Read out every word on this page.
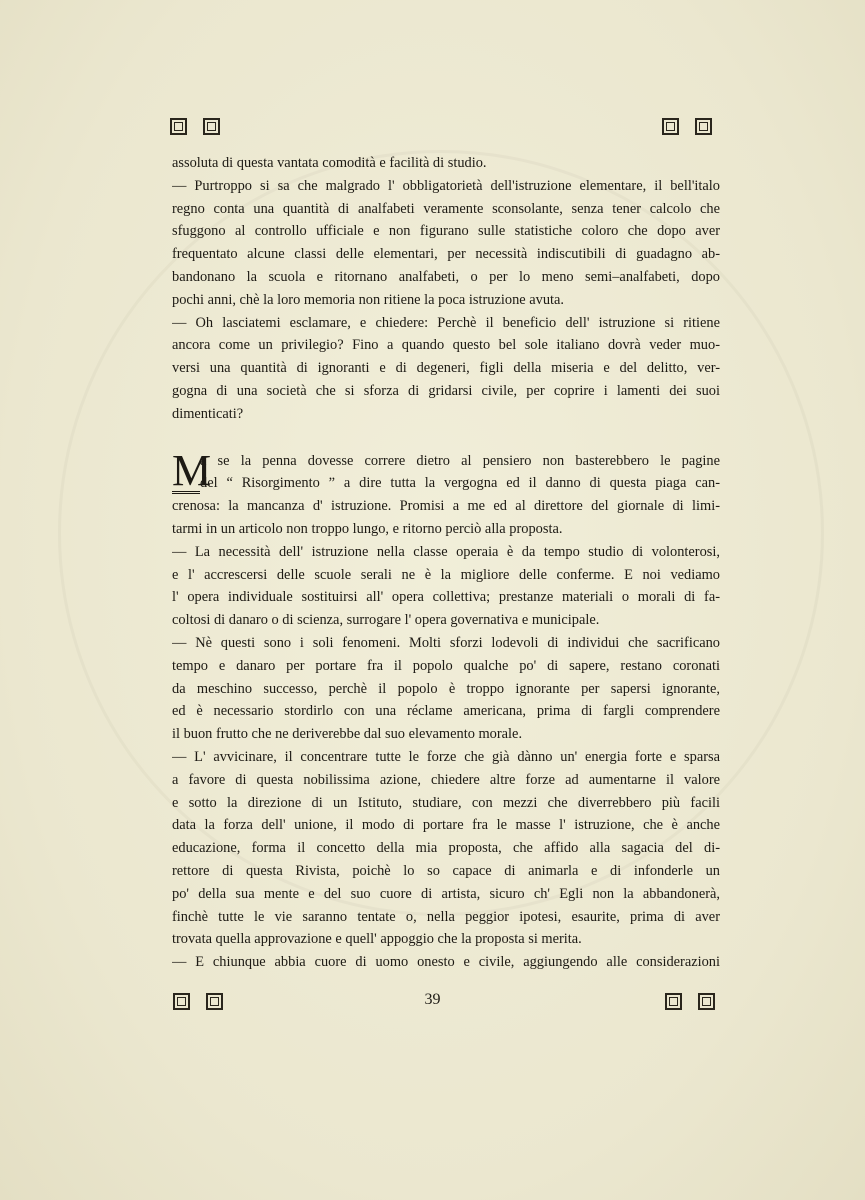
assoluta di questa vantata comodità e facilità di studio.
— Purtroppo si sa che malgrado l' obbligatorietà dell'istruzione elementare, il bell'italo
regno conta una quantità di analfabeti veramente sconsolante, senza tener calcolo che
sfuggono al controllo ufficiale e non figurano sulle statistiche coloro che dopo aver
frequentato alcune classi delle elementari, per necessità indiscutibili di guadagno ab-
bandonano la scuola e ritornano analfabeti, o per lo meno semi–analfabeti, dopo
pochi anni, chè la loro memoria non ritiene la poca istruzione avuta.
— Oh lasciatemi esclamare, e chiedere: Perchè il beneficio dell' istruzione si ritiene
ancora come un privilegio? Fino a quando questo bel sole italiano dovrà veder muo-
versi una quantità di ignoranti e di degeneri, figli della miseria e del delitto, ver-
gogna di una società che si sforza di gridarsi civile, per coprire i lamenti dei suoi
dimenticati?
M
a se la penna dovesse correre dietro al pensiero non basterebbero le pagine
del “ Risorgimento ” a dire tutta la vergogna ed il danno di questa piaga can-
crenosa: la mancanza d' istruzione. Promisi a me ed al direttore del giornale di limi-
tarmi in un articolo non troppo lungo, e ritorno perciò alla proposta.
— La necessità dell' istruzione nella classe operaia è da tempo studio di volonterosi,
e l' accrescersi delle scuole serali ne è la migliore delle conferme. E noi vediamo
l' opera individuale sostituirsi all' opera collettiva; prestanze materiali o morali di fa-
coltosi di danaro o di scienza, surrogare l' opera governativa e municipale.
— Nè questi sono i soli fenomeni. Molti sforzi lodevoli di individui che sacrificano
tempo e danaro per portare fra il popolo qualche po' di sapere, restano coronati
da meschino successo, perchè il popolo è troppo ignorante per sapersi ignorante,
ed è necessario stordirlo con una réclame americana, prima di fargli comprendere
il buon frutto che ne deriverebbe dal suo elevamento morale.
— L' avvicinare, il concentrare tutte le forze che già dànno un' energia forte e sparsa
a favore di questa nobilissima azione, chiedere altre forze ad aumentarne il valore
e sotto la direzione di un Istituto, studiare, con mezzi che diverrebbero più facili
data la forza dell' unione, il modo di portare fra le masse l' istruzione, che è anche
educazione, forma il concetto della mia proposta, che affido alla sagacia del di-
rettore di questa Rivista, poichè lo so capace di animarla e di infonderle un
po' della sua mente e del suo cuore di artista, sicuro ch' Egli non la abbandonerà,
finchè tutte le vie saranno tentate o, nella peggior ipotesi, esaurite, prima di aver
trovata quella approvazione e quell' appoggio che la proposta si merita.
— E chiunque abbia cuore di uomo onesto e civile, aggiungendo alle considerazioni
39
